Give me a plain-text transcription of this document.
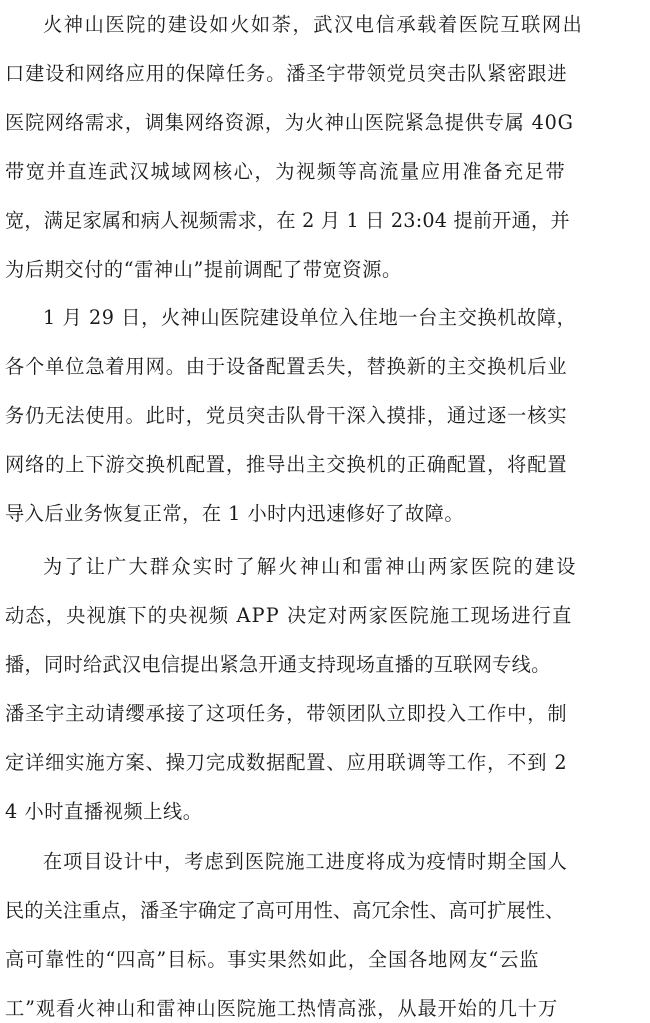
火神山医院的建设如火如荼，武汉电信承载着医院互联网出
口建设和网络应用的保障任务。潘圣宇带领党员突击队紧密跟进
医院网络需求，调集网络资源，为火神山医院紧急提供专属 40G
带宽并直连武汉城域网核心，为视频等高流量应用准备充足带
宽，满足家属和病人视频需求，在 2 月 1 日 23:04 提前开通，并
为后期交付的“雷神山”提前调配了带宽资源。
1 月 29 日，火神山医院建设单位入住地一台主交换机故障，
各个单位急着用网。由于设备配置丢失，替换新的主交换机后业
务仍无法使用。此时，党员突击队骨干深入摸排，通过逐一核实
网络的上下游交换机配置，推导出主交换机的正确配置，将配置
导入后业务恢复正常，在 1 小时内迅速修好了故障。
为了让广大群众实时了解火神山和雷神山两家医院的建设
动态，央视旗下的央视频 APP 决定对两家医院施工现场进行直
播，同时给武汉电信提出紧急开通支持现场直播的互联网专线。
潘圣宇主动请缨承接了这项任务，带领团队立即投入工作中，制
定详细实施方案、操刀完成数据配置、应用联调等工作，不到 2
4 小时直播视频上线。
在项目设计中，考虑到医院施工进度将成为疫情时期全国人
民的关注重点，潘圣宇确定了高可用性、高冗余性、高可扩展性、
高可靠性的“四高”目标。事实果然如此，全国各地网友“云监
工”观看火神山和雷神山医院施工热情高涨，从最开始的几十万
